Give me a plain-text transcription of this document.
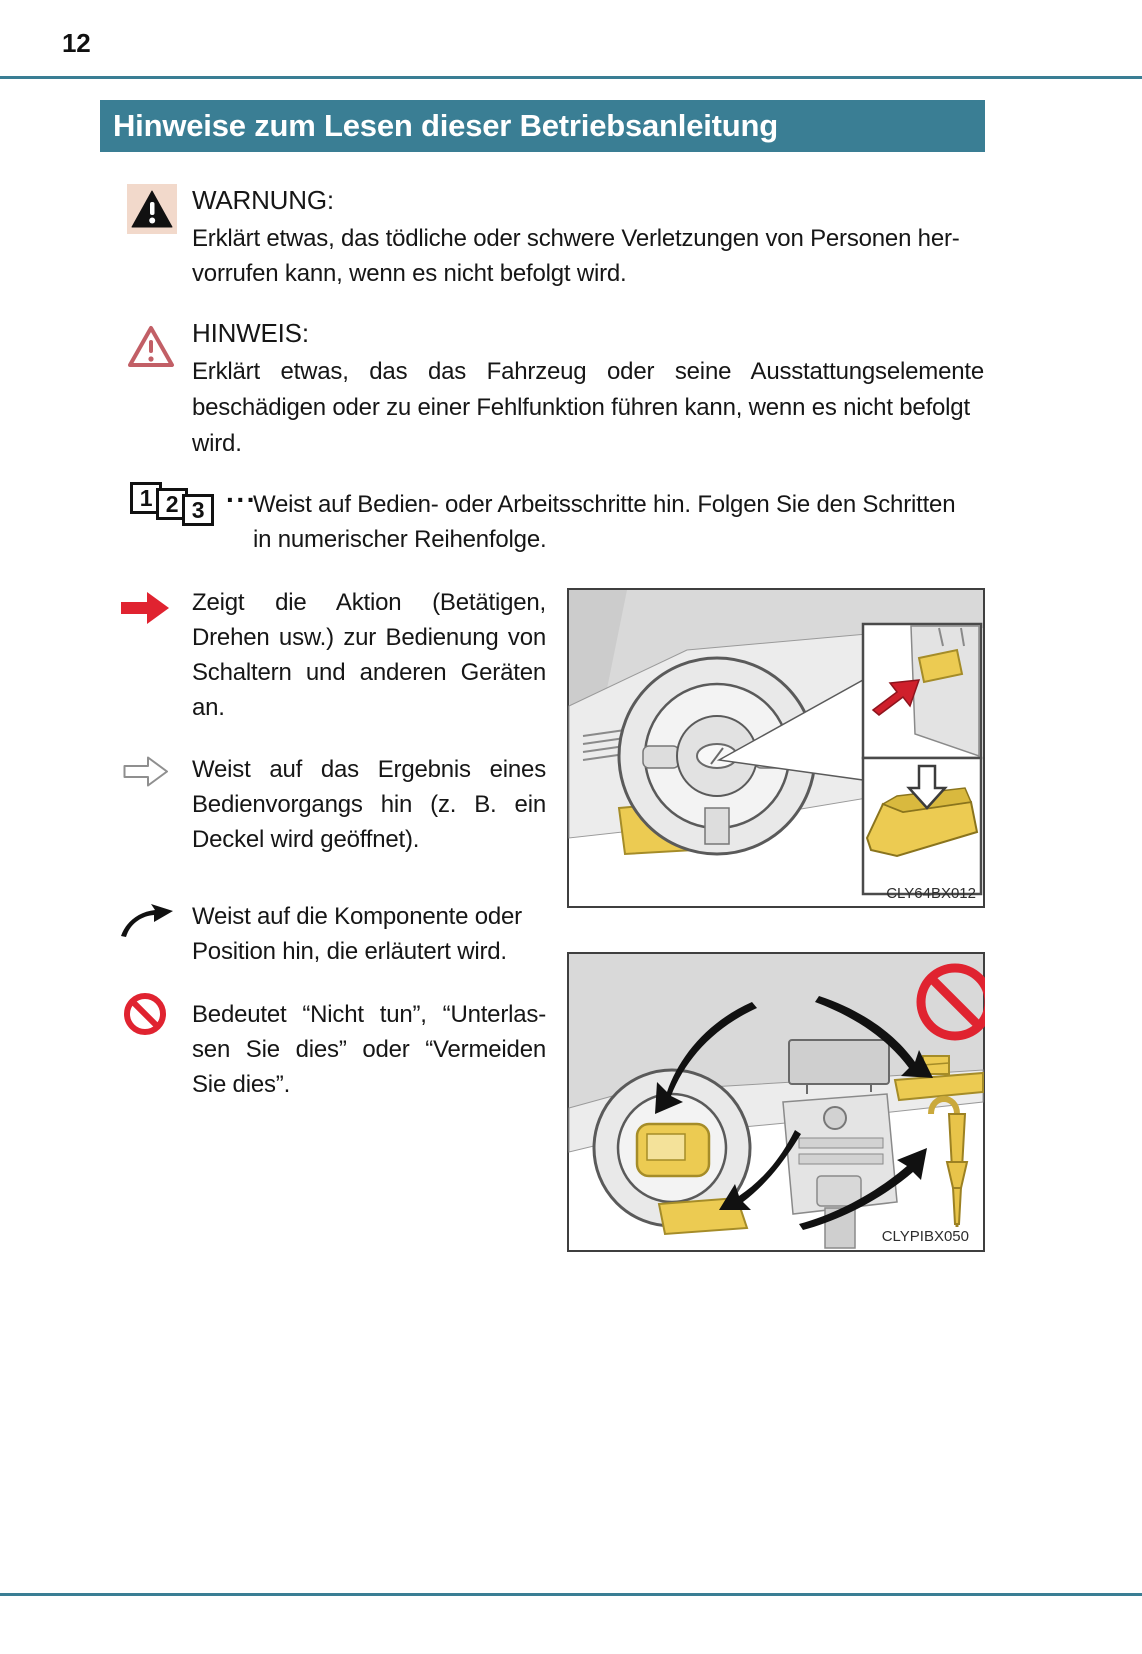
12
Hinweise zum Lesen dieser Betriebsanleitung
WARNUNG:
Erklärt etwas, das tödliche oder schwere Verletzungen von Personen her-
vorrufen kann, wenn es nicht befolgt wird.
HINWEIS:
Erklärt etwas, das das Fahrzeug oder seine Ausstattungselemente
beschädigen oder zu einer Fehlfunktion führen kann, wenn es nicht befolgt
wird.
1 2 3 ···
Weist auf Bedien- oder Arbeitsschritte hin. Folgen Sie den Schritten
in numerischer Reihenfolge.
Zeigt die Aktion (Betätigen,
Drehen usw.) zur Bedienung von
Schaltern und anderen Geräten
an.
Weist auf das Ergebnis eines
Bedienvorgangs hin (z. B. ein
Deckel wird geöffnet).
Weist auf die Komponente oder
Position hin, die erläutert wird.
Bedeutet “Nicht tun”, “Unterlas-
sen Sie dies” oder “Vermeiden
Sie dies”.
CLY64BX012
CLYPIBX050
